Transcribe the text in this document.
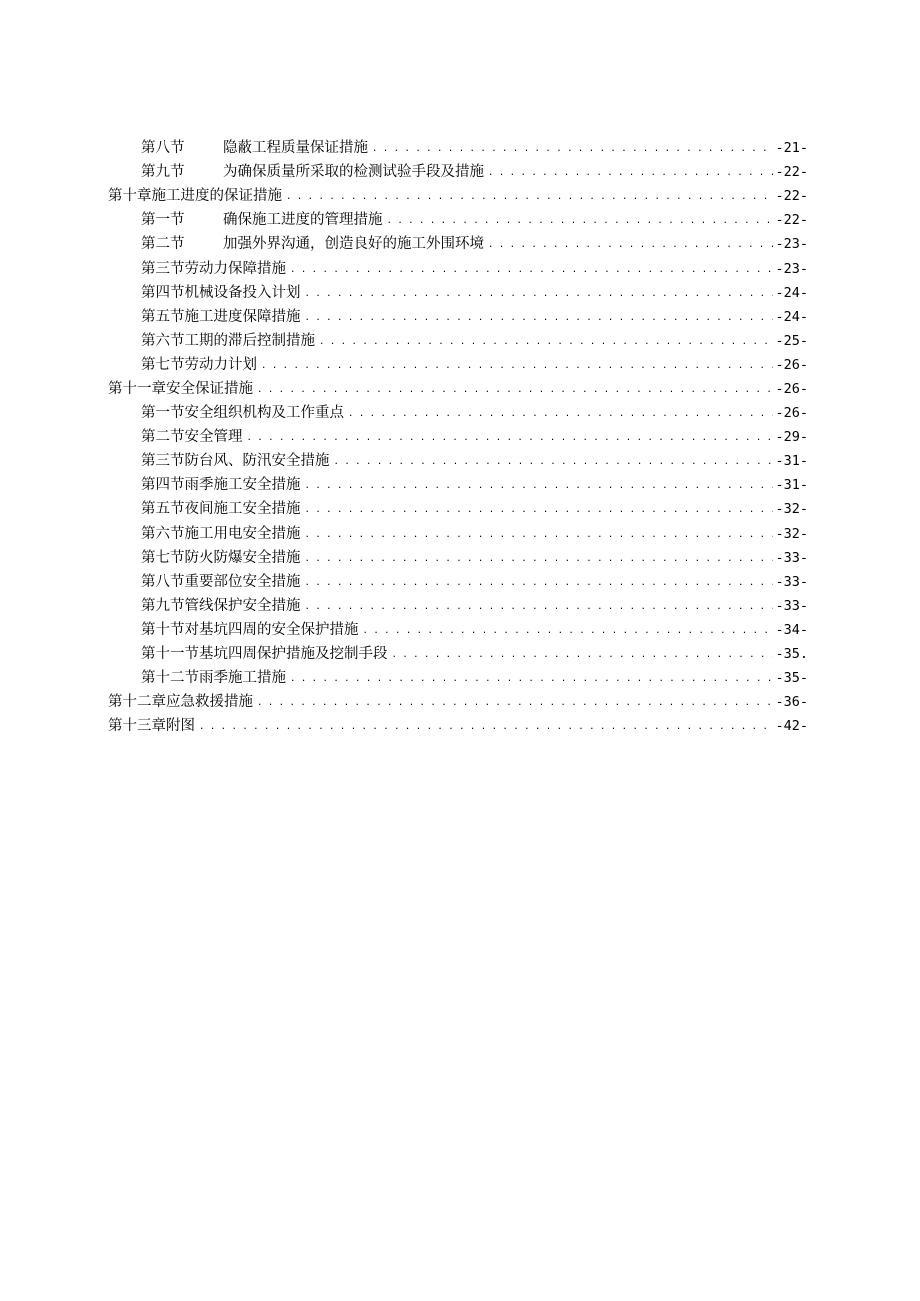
第八节	隐蔽工程质量保证措施 . . .	-21-
第九节	为确保质量所采取的检测试验手段及措施 . . .	-22-
第十章施工进度的保证措施 . . .	-22-
第一节	确保施工进度的管理措施 . . .	-22-
第二节	加强外界沟通，创造良好的施工外围环境 . . .	-23-
第三节劳动力保障措施 . . .	-23-
第四节机械设备投入计划 . . .	-24-
第五节施工进度保障措施 . . .	-24-
第六节工期的滞后控制措施 . . .	-25-
第七节劳动力计划 . . .	-26-
第十一章安全保证措施 . . .	-26-
第一节安全组织机构及工作重点 . . .	-26-
第二节安全管理 . . .	-29-
第三节防台风、防汛安全措施 . . .	-31-
第四节雨季施工安全措施 . . .	-31-
第五节夜间施工安全措施 . . .	-32-
第六节施工用电安全措施 . . .	-32-
第七节防火防爆安全措施 . . .	-33-
第八节重要部位安全措施 . . .	-33-
第九节管线保护安全措施 . . .	-33-
第十节对基坑四周的安全保护措施 . . .	-34-
第十一节基坑四周保护措施及挖制手段 . . .	-35.
第十二节雨季施工措施 . . .	-35-
第十二章应急救援措施 . . .	-36-
第十三章附图 . . .	-42-
